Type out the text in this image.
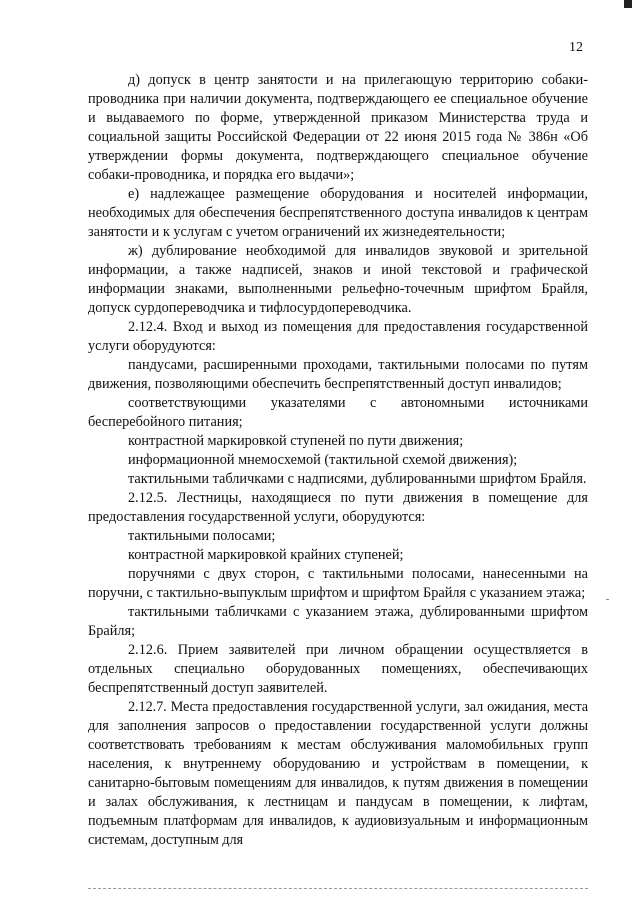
12

д) допуск в центр занятости и на прилегающую территорию собаки-проводника при наличии документа, подтверждающего ее специальное обучение и выдаваемого по форме, утвержденной приказом Министерства труда и социальной защиты Российской Федерации от 22 июня 2015 года № 386н «Об утверждении формы документа, подтверждающего специальное обучение собаки-проводника, и порядка его выдачи»;

е) надлежащее размещение оборудования и носителей информации, необходимых для обеспечения беспрепятственного доступа инвалидов к центрам занятости и к услугам с учетом ограничений их жизнедеятельности;

ж) дублирование необходимой для инвалидов звуковой и зрительной информации, а также надписей, знаков и иной текстовой и графической информации знаками, выполненными рельефно-точечным шрифтом Брайля, допуск сурдопереводчика и тифлосурдопереводчика.

2.12.4. Вход и выход из помещения для предоставления государственной услуги оборудуются:

пандусами, расширенными проходами, тактильными полосами по путям движения, позволяющими обеспечить беспрепятственный доступ инвалидов;

соответствующими указателями с автономными источниками бесперебойного питания;

контрастной маркировкой ступеней по пути движения;

информационной мнемосхемой (тактильной схемой движения);

тактильными табличками с надписями, дублированными шрифтом Брайля.

2.12.5. Лестницы, находящиеся по пути движения в помещение для предоставления государственной услуги, оборудуются:

тактильными полосами;

контрастной маркировкой крайних ступеней;

поручнями с двух сторон, с тактильными полосами, нанесенными на поручни, с тактильно-выпуклым шрифтом и шрифтом Брайля с указанием этажа;

тактильными табличками с указанием этажа, дублированными шрифтом Брайля;

2.12.6. Прием заявителей при личном обращении осуществляется в отдельных специально оборудованных помещениях, обеспечивающих беспрепятственный доступ заявителей.

2.12.7. Места предоставления государственной услуги, зал ожидания, места для заполнения запросов о предоставлении государственной услуги должны соответствовать требованиям к местам обслуживания маломобильных групп населения, к внутреннему оборудованию и устройствам в помещении, к санитарно-бытовым помещениям для инвалидов, к путям движения в помещении и залах обслуживания, к лестницам и пандусам в помещении, к лифтам, подъемным платформам для инвалидов, к аудиовизуальным и информационным системам, доступным для
